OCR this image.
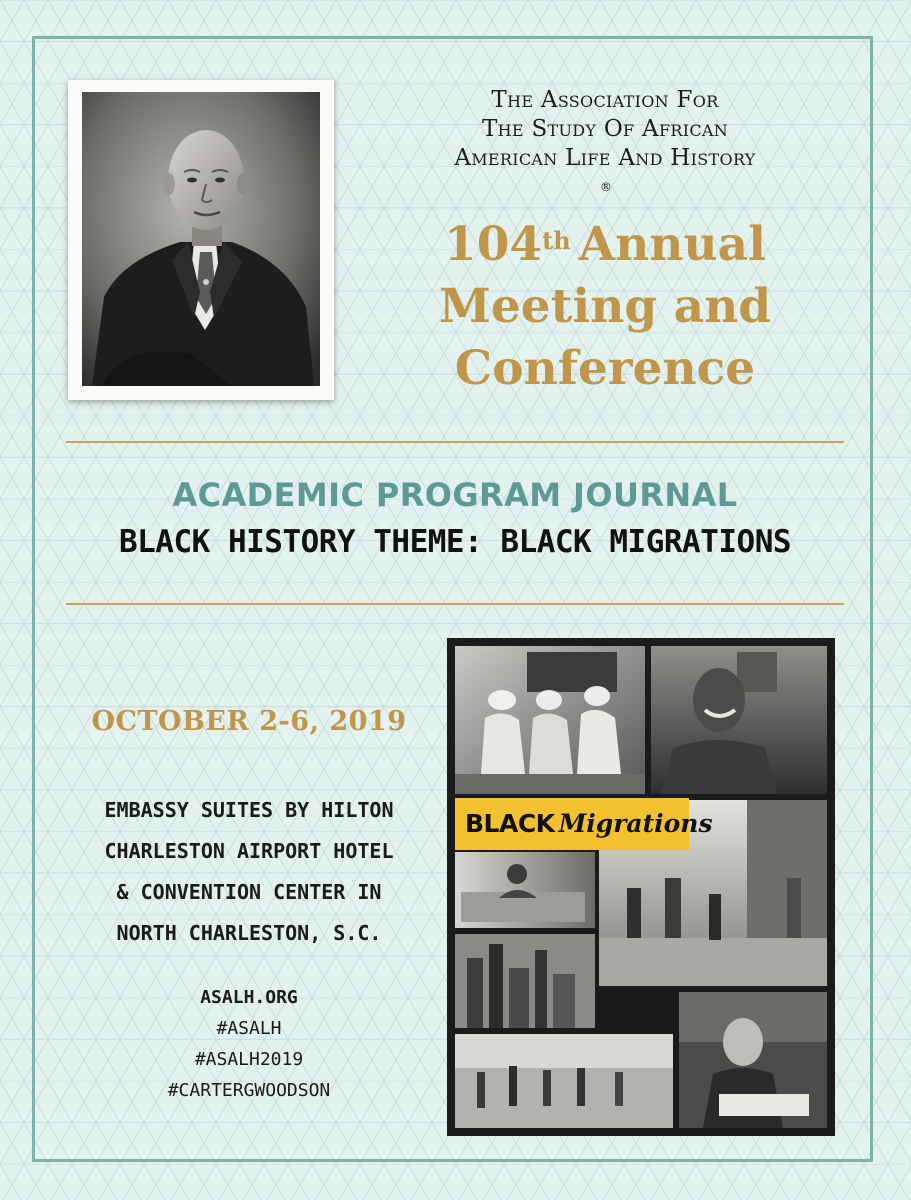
The Association For
The Study Of African
American Life And History
®
104th Annual
Meeting and
Conference
ACADEMIC PROGRAM JOURNAL
BLACK HISTORY THEME: BLACK MIGRATIONS
OCTOBER 2-6, 2019
EMBASSY SUITES BY HILTON
CHARLESTON AIRPORT HOTEL
& CONVENTION CENTER IN
NORTH CHARLESTON, S.C.
ASALH.ORG
#ASALH
#ASALH2019
#CARTERGWOODSON
BLACK Migrations
